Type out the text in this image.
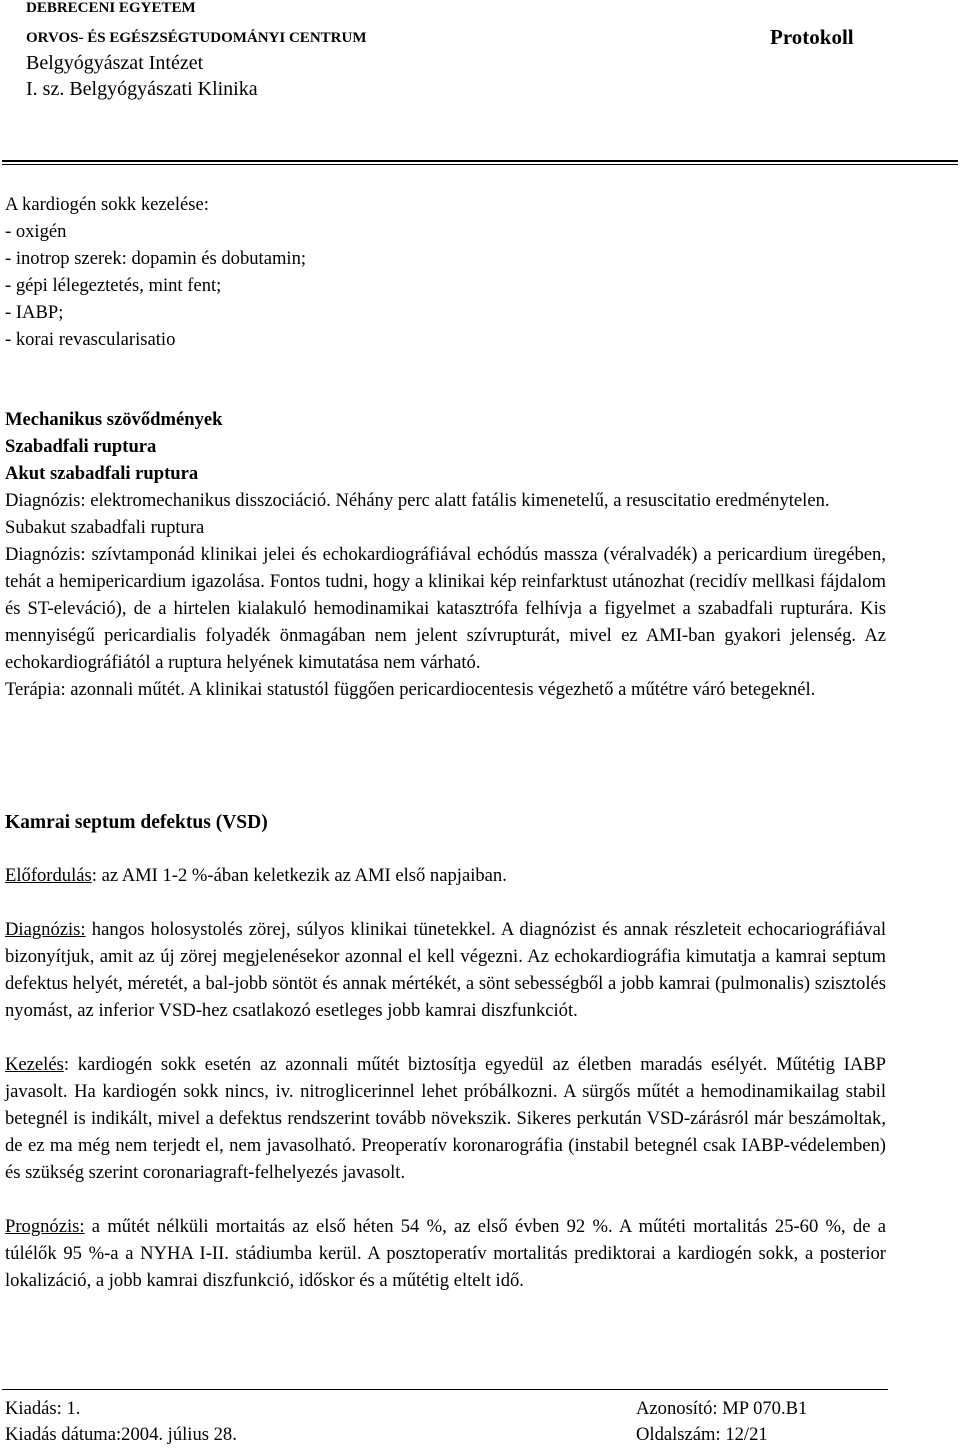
DEBRECENI EGYETEM
ORVOS- ÉS EGÉSZSÉGTUDOMÁNYI CENTRUM
Belgyógyászat Intézet
I. sz. Belgyógyászati Klinika
Protokoll

A kardiogén sokk kezelése:

- oxigén

- inotrop szerek: dopamin és dobutamin;

- gépi lélegeztetés, mint fent;

- IABP;

- korai revascularisatio

Mechanikus szövődmények

Szabadfali ruptura

Akut szabadfali ruptura

Diagnózis: elektromechanikus disszociáció. Néhány perc alatt fatális kimenetelű, a resuscitatio eredménytelen.

Subakut szabadfali ruptura

Diagnózis: szívtamponád klinikai jelei és echokardiográfiával echódús massza (véralvadék) a pericardium üregében, tehát a hemipericardium igazolása. Fontos tudni, hogy a klinikai kép reinfarktust utánozhat (recidív mellkasi fájdalom és ST-eleváció), de a hirtelen kialakuló hemodinamikai katasztrófa felhívja a figyelmet a szabadfali rupturára. Kis mennyiségű pericardialis folyadék önmagában nem jelent szívrupturát, mivel ez AMI-ban gyakori jelenség. Az echokardiográfiától a ruptura helyének kimutatása nem várható.

Terápia: azonnali műtét. A klinikai statustól függően pericardiocentesis végezhető a műtétre váró betegeknél.

Kamrai septum defektus (VSD)

Előfordulás: az AMI 1-2 %-ában keletkezik az AMI első napjaiban.

Diagnózis: hangos holosystolés zörej, súlyos klinikai tünetekkel. A diagnózist és annak részleteit echocariográfiával bizonyítjuk, amit az új zörej megjelenésekor azonnal el kell végezni. Az echokardiográfia kimutatja a kamrai septum defektus helyét, méretét, a bal-jobb söntöt és annak mértékét, a sönt sebességből a jobb kamrai (pulmonalis) szisztolés nyomást, az inferior VSD-hez csatlakozó esetleges jobb kamrai diszfunkciót.

Kezelés: kardiogén sokk esetén az azonnali műtét biztosítja egyedül az életben maradás esélyét. Műtétig IABP javasolt. Ha kardiogén sokk nincs, iv. nitroglicerinnel lehet próbálkozni. A sürgős műtét a hemodinamikailag stabil betegnél is indikált, mivel a defektus rendszerint tovább növekszik. Sikeres perkután VSD-zárásról már beszámoltak, de ez ma még nem terjedt el, nem javasolható. Preoperatív koronarográfia (instabil betegnél csak IABP-védelemben) és szükség szerint coronariagraft-felhelyezés javasolt.

Prognózis: a műtét nélküli mortaitás az első héten 54 %, az első évben 92 %. A műtéti mortalitás 25-60 %, de a túlélők 95 %-a a NYHA I-II. stádiumba kerül. A posztoperatív mortalitás prediktorai a kardiogén sokk, a posterior lokalizáció, a jobb kamrai diszfunkció, időskor és a műtétig eltelt idő.

Kiadás: 1.
Kiadás dátuma:2004. július 28.
Azonosító: MP 070.B1
Oldalszám: 12/21
